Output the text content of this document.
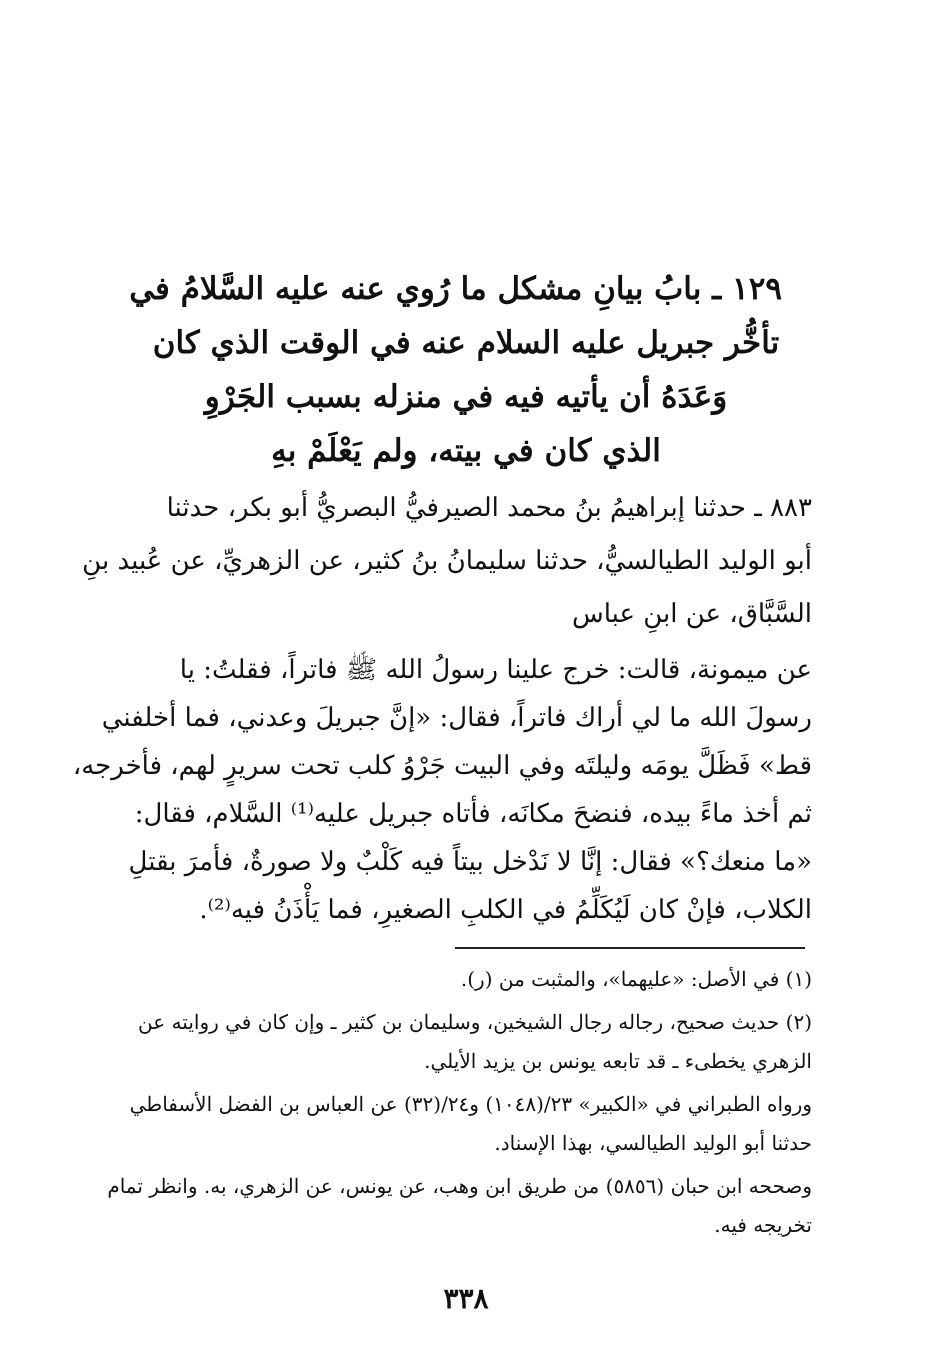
١٢٩ ـ بابُ بيانِ مشكل ما رُوي عنه عليه السَّلامُ في
تأخُّر جبريل عليه السلام عنه في الوقت الذي كان
وَعَدَهُ أن يأتيه فيه في منزله بسبب الجَرْوِ
الذي كان في بيته، ولم يَعْلَمْ بهِ
٨٨٣ ـ حدثنا إبراهيمُ بنُ محمد الصيرفيُّ البصريُّ أبو بكر، حدثنا
أبو الوليد الطيالسيُّ، حدثنا سليمانُ بنُ كثير، عن الزهريِّ، عن عُبيد بنِ
السَّبَّاق، عن ابنِ عباس
عن ميمونة، قالت: خرج علينا رسولُ الله ﷺ فاتراً، فقلتُ: يا
رسولَ الله ما لي أراك فاتراً، فقال: «إنَّ جبريلَ وعدني، فما أخلفني
قط» فَظَلَّ يومَه وليلتَه وفي البيت جَرْوُ كلب تحت سريرٍ لهم، فأخرجه،
ثم أخذ ماءً بيده، فنضحَ مكانَه، فأتاه جبريل عليه⁽¹⁾ السَّلام، فقال:
«ما منعك؟» فقال: إنَّا لا نَدْخل بيتاً فيه كَلْبٌ ولا صورةٌ، فأمرَ بقتلِ
الكلاب، فإنْ كان لَيُكَلِّمُ في الكلبِ الصغيرِ، فما يَأْذَنُ فيه⁽²⁾.
(١) في الأصل: «عليهما»، والمثبت من (ر).
(٢) حديث صحيح، رجاله رجال الشيخين، وسليمان بن كثير ـ وإن كان في روايته عن الزهري يخطىء ـ قد تابعه يونس بن يزيد الأيلي.
ورواه الطبراني في «الكبير» ٢٣/(١٠٤٨) و٢٤/(٣٢) عن العباس بن الفضل الأسفاطي حدثنا أبو الوليد الطيالسي، بهذا الإسناد.
وصححه ابن حبان (٥٨٥٦) من طريق ابن وهب، عن يونس، عن الزهري، به. وانظر تمام تخريجه فيه.
٣٣٨
